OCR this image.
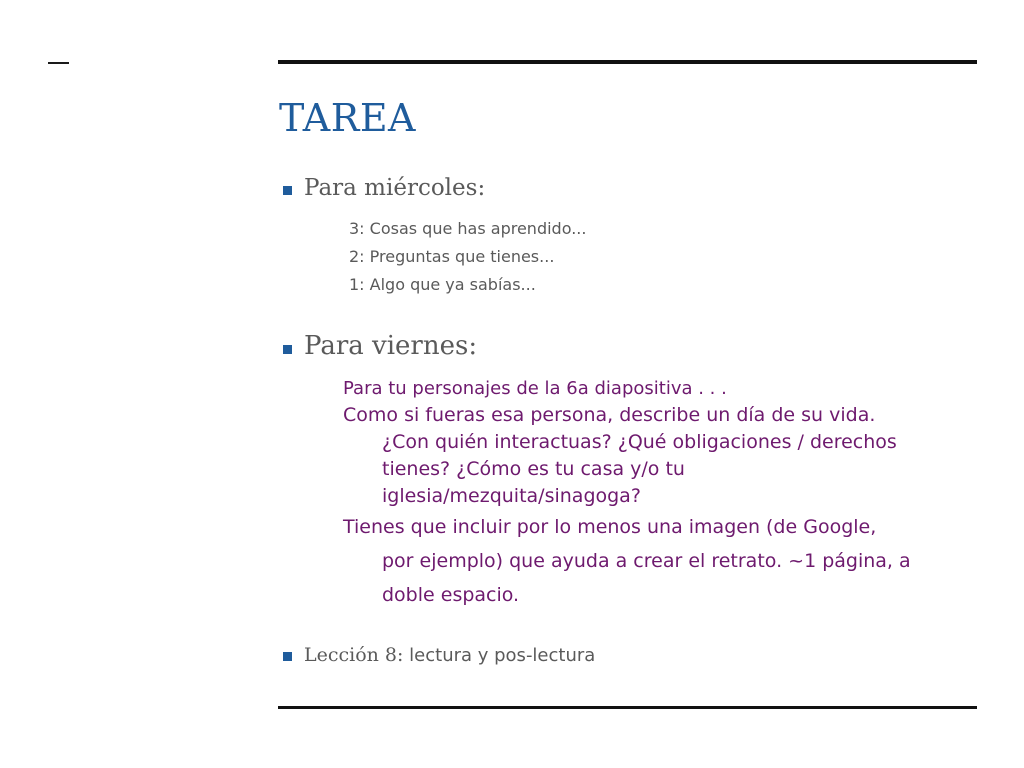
TAREA

Para miércoles:

3: Cosas que has aprendido...
2: Preguntas que tienes...
1: Algo que ya sabías...

Para viernes:

Para tu personajes de la 6a diapositiva . . .

Como si fueras esa persona, describe un día de su vida.

¿Con quién interactuas? ¿Qué obligaciones / derechos

tienes? ¿Cómo es tu casa y/o tu

iglesia/mezquita/sinagoga?

Tienes que incluir por lo menos una imagen (de Google,

por ejemplo) que ayuda a crear el retrato. ~1 página, a

doble espacio.

Lección 8: lectura y pos-lectura
